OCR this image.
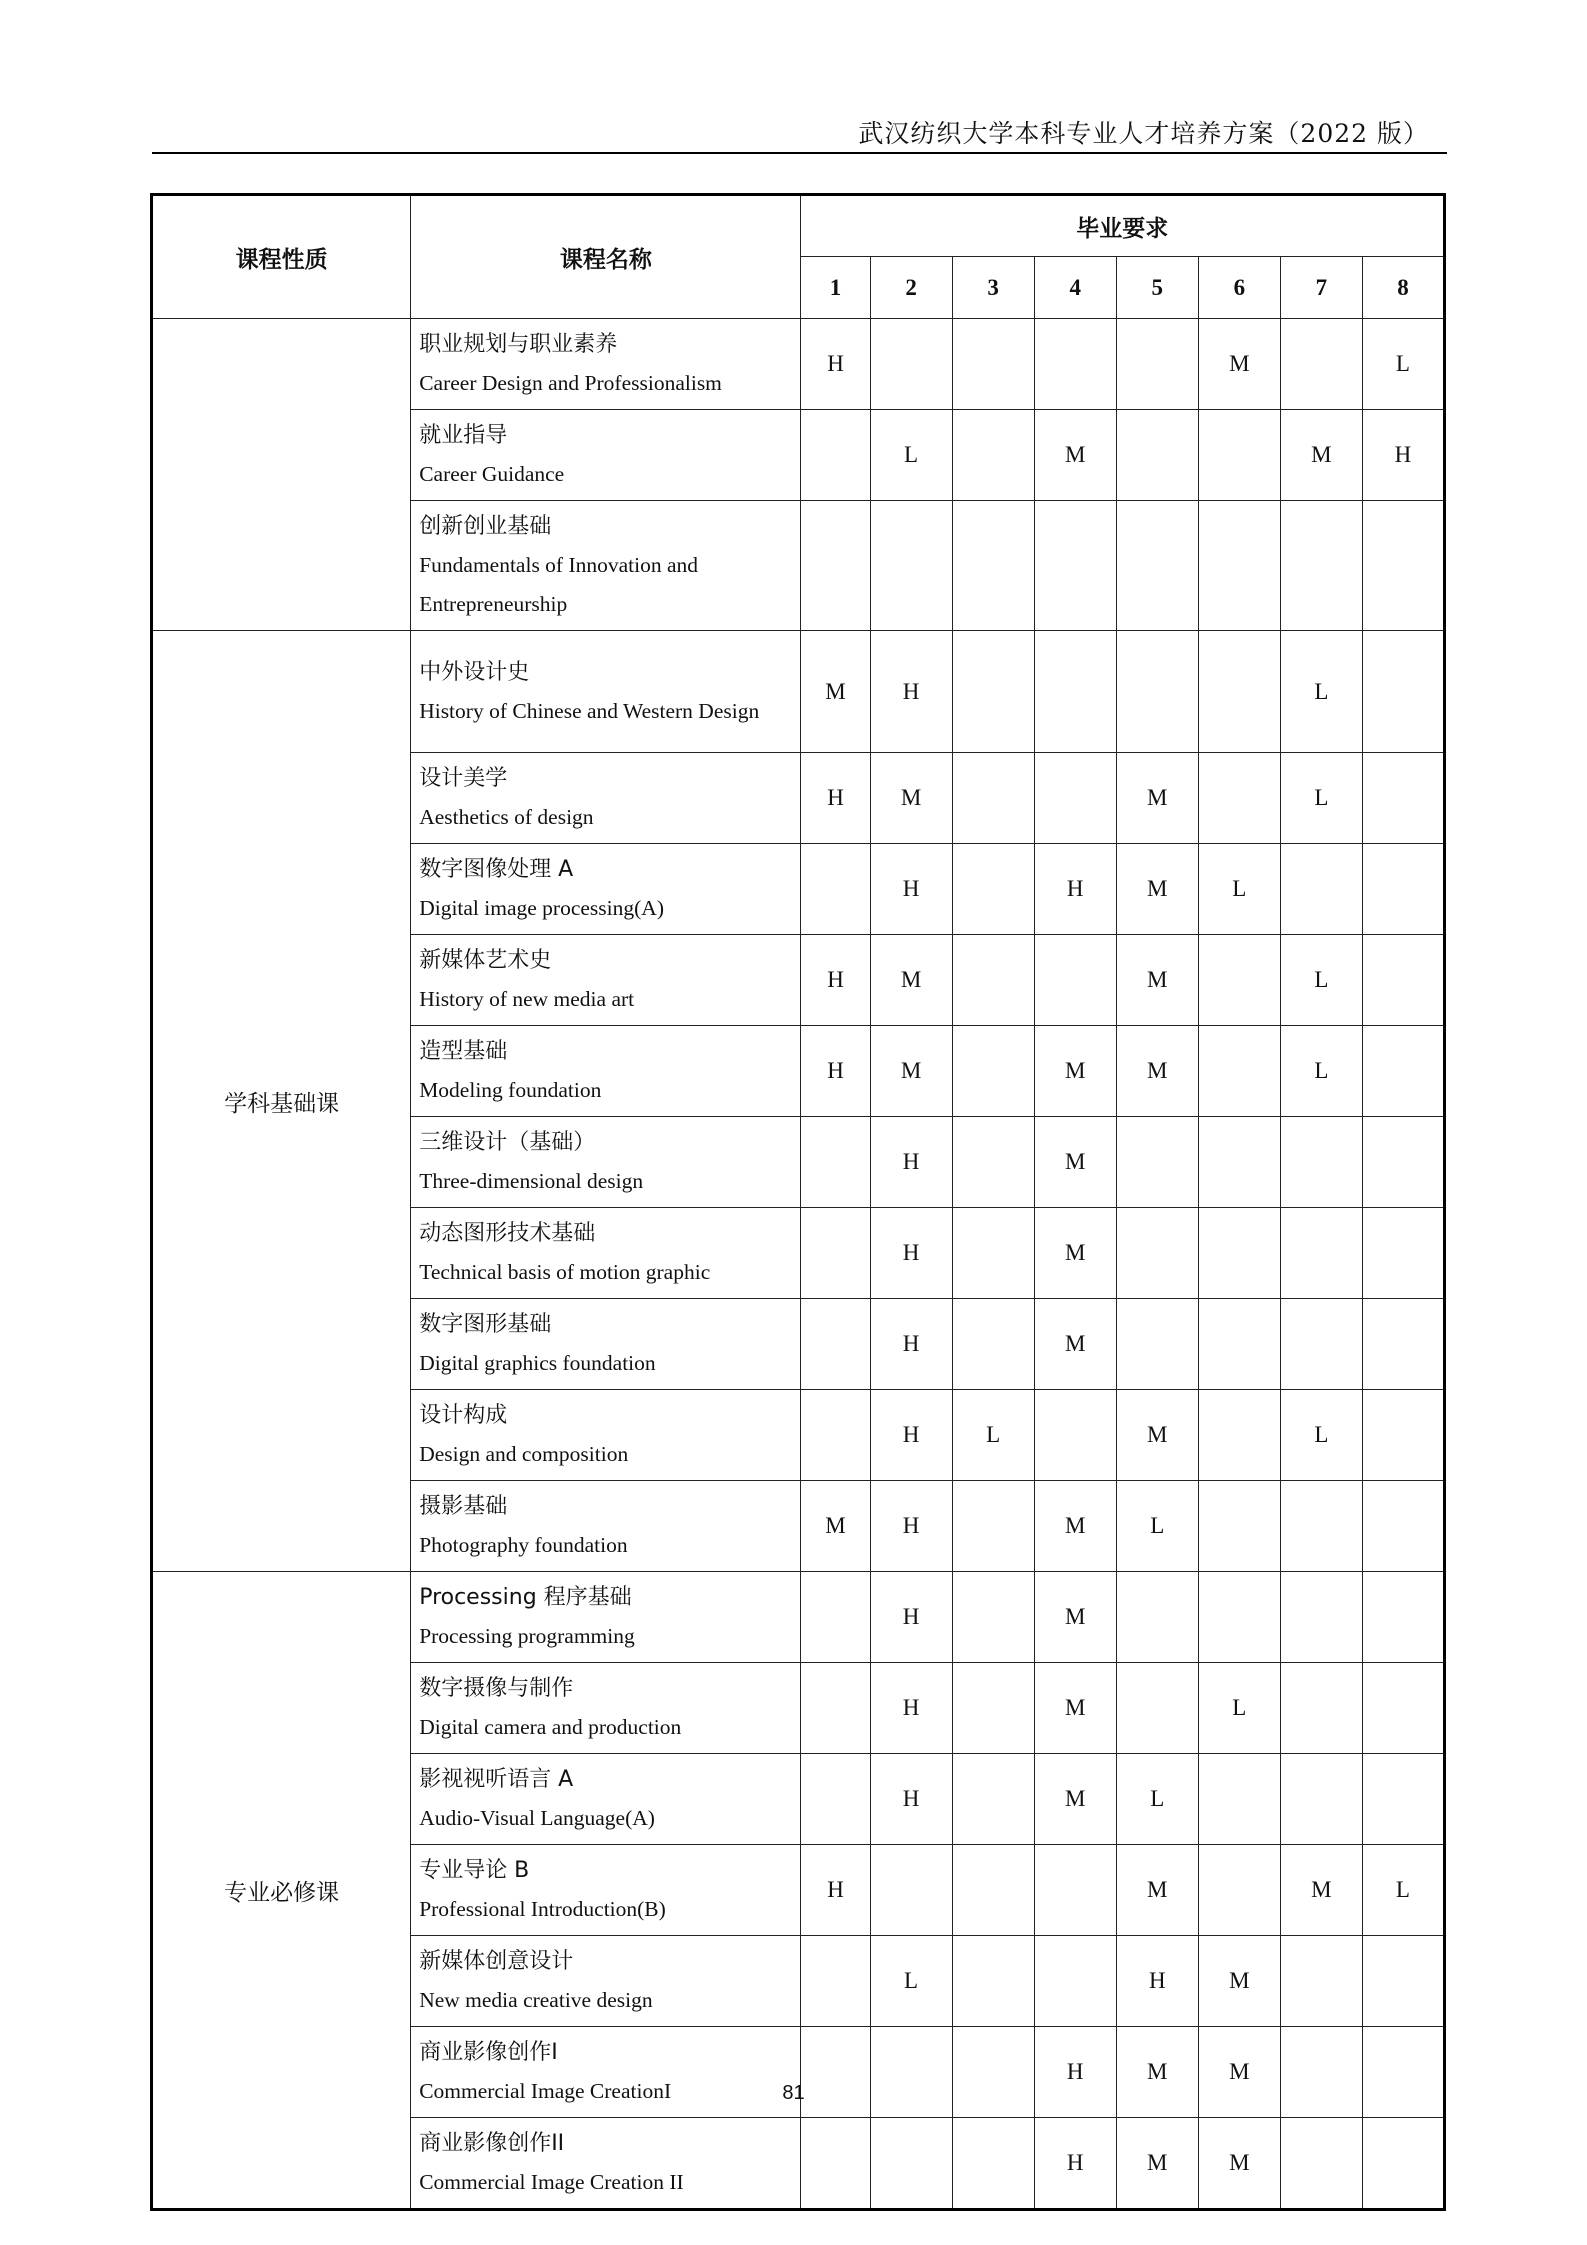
武汉纺织大学本科专业人才培养方案（2022 版）
课程性质	课程名称	毕业要求							
		1	2	3	4	5	6	7	8

	职业规划与职业素养
Career Design and Professionalism	H					M		L

	就业指导
Career Guidance		L		M			M	H

	创新创业基础
Fundamentals of Innovation and Entrepreneurship								

学科基础课	中外设计史
History of Chinese and Western Design	M	H					L	

	设计美学
Aesthetics of design	H	M			M		L	

	数字图像处理 A
Digital image processing(A)		H		H	M	L		

	新媒体艺术史
History of new media art	H	M			M		L	

	造型基础
Modeling foundation	H	M		M	M		L	

	三维设计（基础）
Three-dimensional design		H		M				

	动态图形技术基础
Technical basis of motion graphic		H		M				

	数字图形基础
Digital graphics foundation		H		M				

	设计构成
Design and composition		H	L		M		L	

	摄影基础
Photography foundation	M	H		M	L			
专业必修课	Processing 程序基础
Processing programming		H		M				

	数字摄像与制作
Digital camera and production		H		M		L		

	影视视听语言 A
Audio-Visual Language(A)		H		M	L			

	专业导论 B
Professional Introduction(B)	H				M		M	L

	新媒体创意设计
New media creative design		L			H	M		

	商业影像创作I
Commercial Image CreationI				H	M	M		

	商业影像创作II
Commercial Image Creation II				H	M	M		
81
